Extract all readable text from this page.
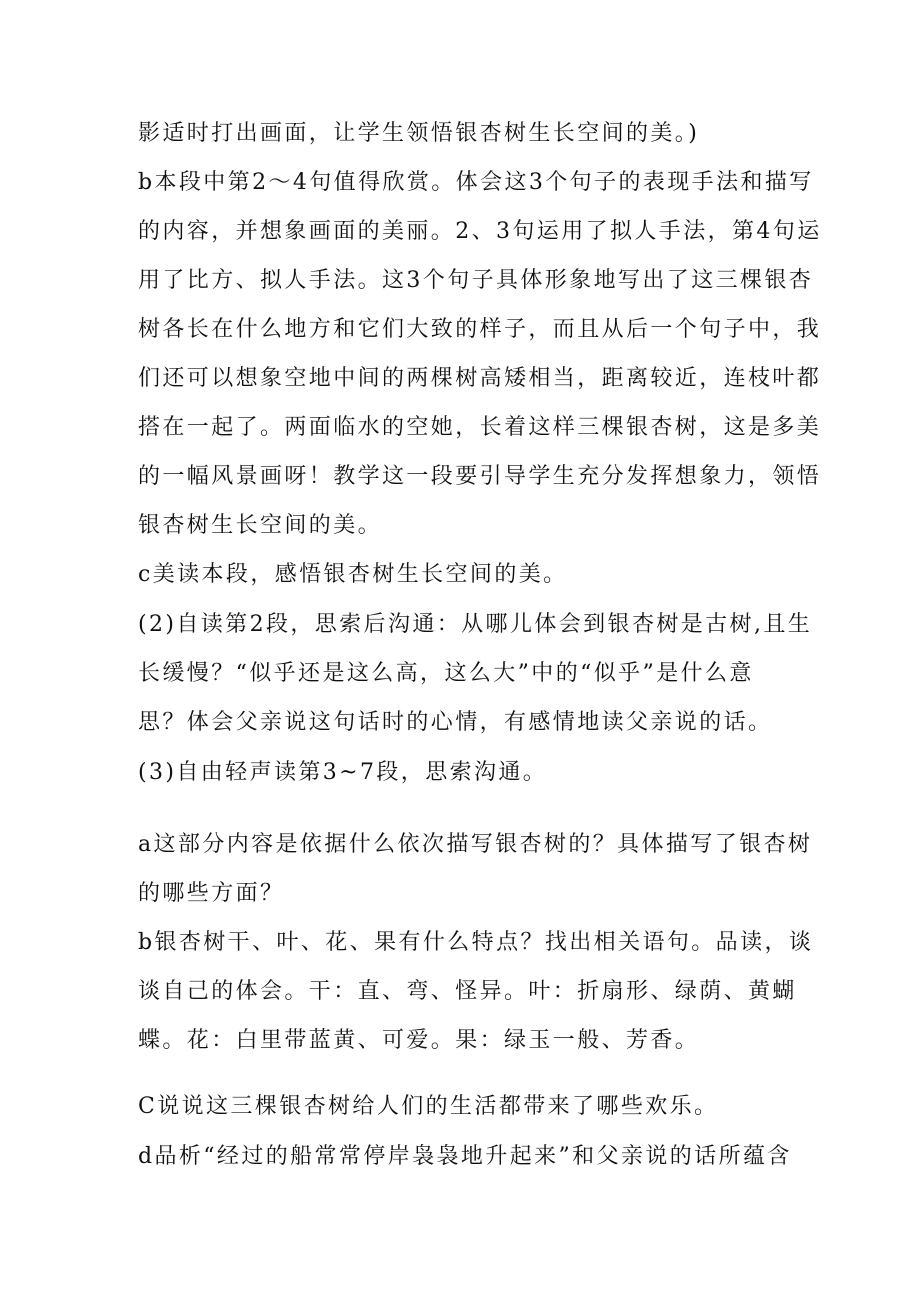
影适时打出画面，让学生领悟银杏树生长空间的美。)

b本段中第2～4句值得欣赏。体会这3个句子的表现手法和描写
的内容，并想象画面的美丽。2、3句运用了拟人手法，第4句运
用了比方、拟人手法。这3个句子具体形象地写出了这三棵银杏
树各长在什么地方和它们大致的样子，而且从后一个句子中，我
们还可以想象空地中间的两棵树高矮相当，距离较近，连枝叶都
搭在一起了。两面临水的空她，长着这样三棵银杏树，这是多美
的一幅风景画呀！教学这一段要引导学生充分发挥想象力，领悟
银杏树生长空间的美。

c美读本段，感悟银杏树生长空间的美。

(2)自读第2段，思索后沟通：从哪儿体会到银杏树是古树,且生
长缓慢？“似乎还是这么高，这么大”中的“似乎”是什么意
思？体会父亲说这句话时的心情，有感情地读父亲说的话。

(3)自由轻声读第3~7段，思索沟通。

a这部分内容是依据什么依次描写银杏树的？具体描写了银杏树
的哪些方面？

b银杏树干、叶、花、果有什么特点？找出相关语句。品读，谈
谈自己的体会。干：直、弯、怪异。叶：折扇形、绿荫、黄蝴
蝶。花：白里带蓝黄、可爱。果：绿玉一般、芳香。

C说说这三棵银杏树给人们的生活都带来了哪些欢乐。

d品析“经过的船常常停岸袅袅地升起来”和父亲说的话所蕴含
